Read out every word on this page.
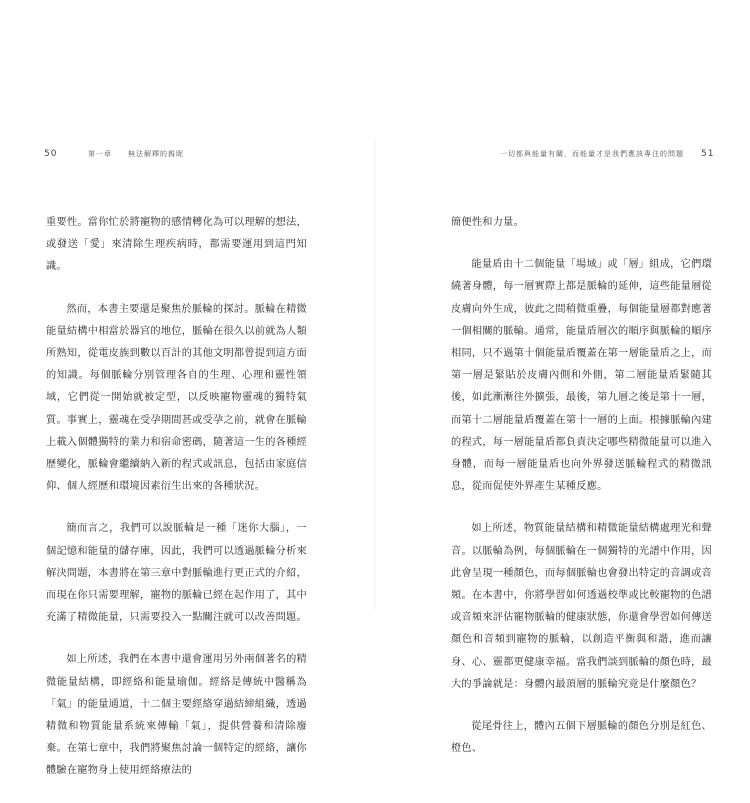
50	第一章 無法解釋的親昵

重要性。當你忙於將寵物的感情轉化為可以理解的想法，或發送「愛」來清除生理疾病時，都需要運用到這門知識。

然而，本書主要還是聚焦於脈輪的探討。脈輪在精微能量結構中相當於器官的地位，脈輪在很久以前就為人類所熟知，從電皮族到數以百計的其他文明都曾提到這方面的知識。每個脈輪分別管理各自的生理、心理和靈性領域，它們從一開始就被定型，以反映寵物靈魂的獨特氣質。事實上，靈魂在受孕期間甚或受孕之前，就會在脈輪上載入個體獨特的業力和宿命密碼，隨著這一生的各種經歷變化，脈輪會繼續納入新的程式或訊息，包括由家庭信仰、個人經歷和環境因素衍生出來的各種狀況。

簡而言之，我們可以說脈輪是一種「迷你大腦」，一個記憶和能量的儲存庫，因此，我們可以透過脈輪分析來解決問題，本書將在第三章中對脈輪進行更正式的介紹，而現在你只需要理解，寵物的脈輪已經在起作用了，其中充滿了精微能量，只需要投入一點關注就可以改善問題。

如上所述，我們在本書中還會運用另外兩個著名的精微能量結構，即經絡和能量瑜伽。經絡是傳統中醫稱為「氣」的能量通道，十二個主要經絡穿過結締組織，透過精微和物質能量系統來傳輸「氣」，提供營養和清除廢棄。在第七章中，我們將聚焦討論一個特定的經絡，讓你體驗在寵物身上使用經絡療法的

一切都與能量有關，而能量才是我們應該專注的問題 51

簡便性和力量。

能量盾由十二個能量「場域」或「層」組成，它們環繞著身體，每一層實際上都是脈輪的延伸，這些能量層從皮膚向外生成，彼此之間稍微重疊，每個能量層都對應著一個相關的脈輪。通常，能量盾層次的順序與脈輪的順序相同，只不過第十個能量盾覆蓋在第一層能量盾之上，而第一層是緊貼於皮膚內側和外側，第二層能量盾緊隨其後，如此漸漸往外擴張，最後，第九層之後是第十一層，而第十二層能量盾覆蓋在第十一層的上面。根據脈輪內建的程式，每一層能量盾都負責決定哪些精微能量可以進入身體，而每一層能量盾也向外界發送脈輪程式的精微訊息，從而促使外界產生某種反應。

如上所述，物質能量結構和精微能量結構處理光和聲音。以脈輪為例，每個脈輪在一個獨特的光譜中作用，因此會呈現一種顏色，而每個脈輪也會發出特定的音調或音頻。在本書中，你將學習如何透過校準或比較寵物的色譜或音頻來評估寵物脈輪的健康狀態，你還會學習如何傳送顏色和音頻到寵物的脈輪，以創造平衡與和諧，進而讓身、心、靈都更健康幸福。當我們談到脈輪的顏色時，最大的爭論就是：身體內最頂層的脈輪究竟是什麼顏色？

從尾骨往上，體內五個下層脈輪的顏色分別是紅色、橙色、
